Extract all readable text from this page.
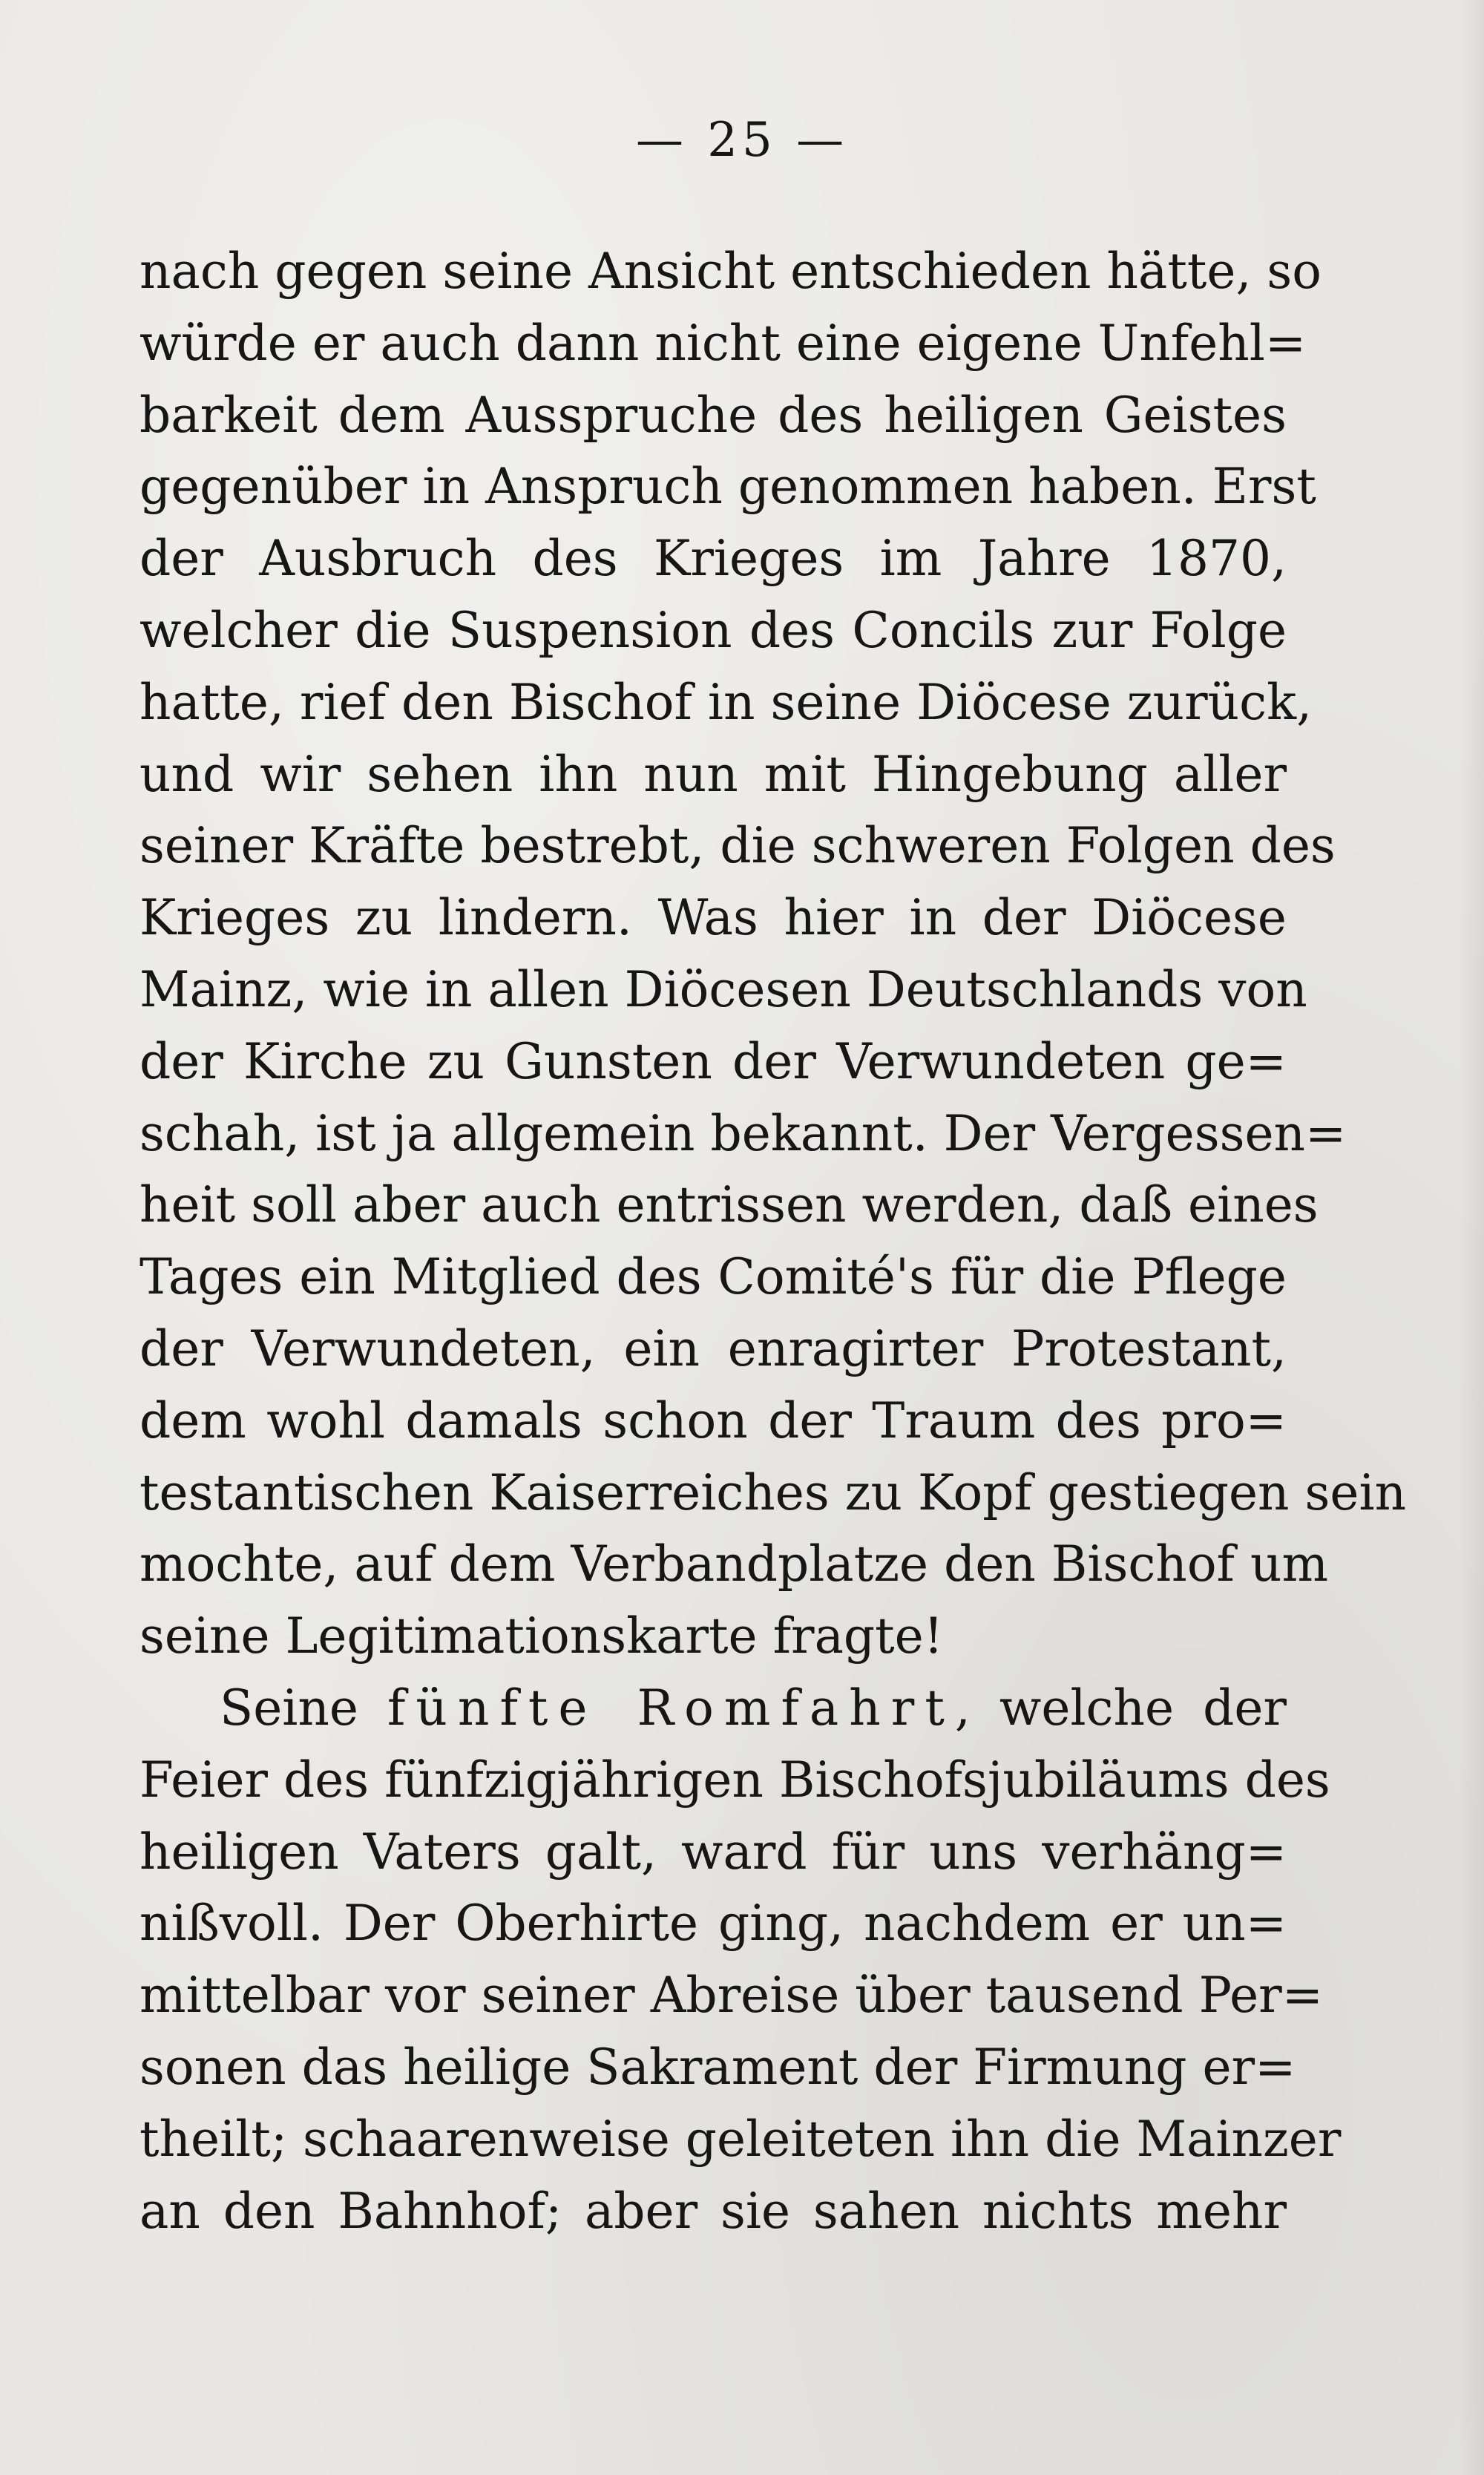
— 25 —
nach gegen seine Ansicht entschieden hätte, so
würde er auch dann nicht eine eigene Unfehl=
barkeit dem Ausspruche des heiligen Geistes
gegenüber in Anspruch genommen haben. Erst
der Ausbruch des Krieges im Jahre 1870,
welcher die Suspension des Concils zur Folge
hatte, rief den Bischof in seine Diöcese zurück,
und wir sehen ihn nun mit Hingebung aller
seiner Kräfte bestrebt, die schweren Folgen des
Krieges zu lindern. Was hier in der Diöcese
Mainz, wie in allen Diöcesen Deutschlands von
der Kirche zu Gunsten der Verwundeten ge=
schah, ist ja allgemein bekannt. Der Vergessen=
heit soll aber auch entrissen werden, daß eines
Tages ein Mitglied des Comité's für die Pflege
der Verwundeten, ein enragirter Protestant,
dem wohl damals schon der Traum des pro=
testantischen Kaiserreiches zu Kopf gestiegen sein
mochte, auf dem Verbandplatze den Bischof um
seine Legitimationskarte fragte!
Seine fünfte Romfahrt, welche der
Feier des fünfzigjährigen Bischofsjubiläums des
heiligen Vaters galt, ward für uns verhäng=
nißvoll. Der Oberhirte ging, nachdem er un=
mittelbar vor seiner Abreise über tausend Per=
sonen das heilige Sakrament der Firmung er=
theilt; schaarenweise geleiteten ihn die Mainzer
an den Bahnhof; aber sie sahen nichts mehr
